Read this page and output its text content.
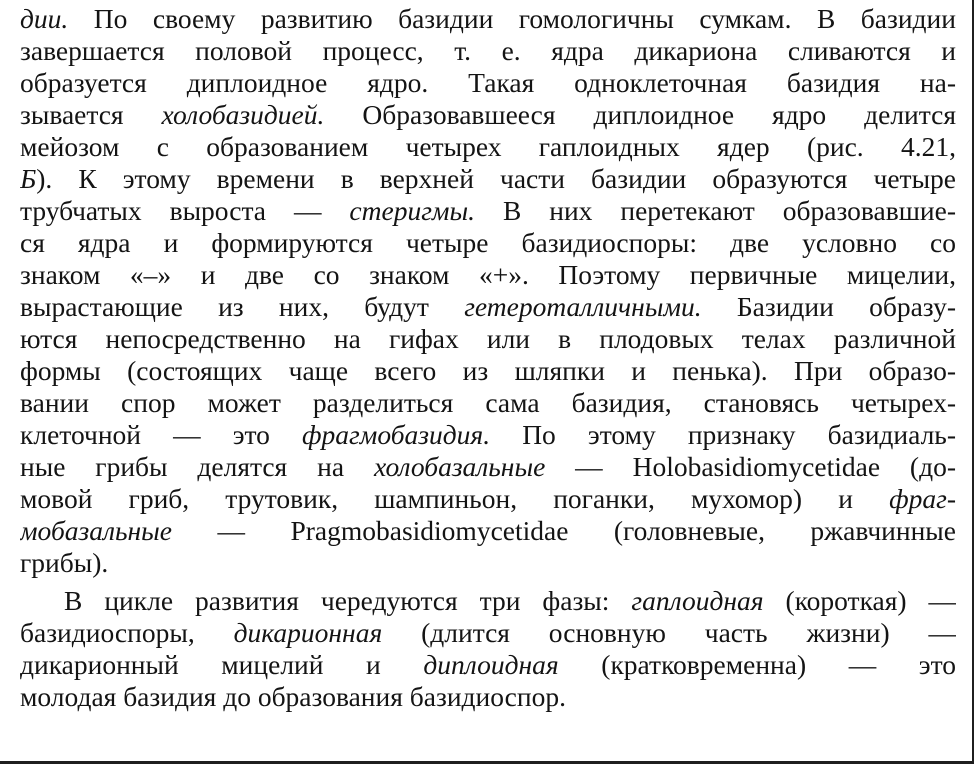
дии. По своему развитию базидии гомологичны сумкам. В базидии
завершается половой процесс, т. е. ядра дикариона сливаются и
образуется диплоидное ядро. Такая одноклеточная базидия на-
зывается холобазидией. Образовавшееся диплоидное ядро делится
мейозом с образованием четырех гаплоидных ядер (рис. 4.21,
Б). К этому времени в верхней части базидии образуются четыре
трубчатых выроста — стеригмы. В них перетекают образовавшие-
ся ядра и формируются четыре базидиоспоры: две условно со
знаком «–» и две со знаком «+». Поэтому первичные мицелии,
вырастающие из них, будут гетероталличными. Базидии образу-
ются непосредственно на гифах или в плодовых телах различной
формы (состоящих чаще всего из шляпки и пенька). При образо-
вании спор может разделиться сама базидия, становясь четырех-
клеточной — это фрагмобазидия. По этому признаку базидиаль-
ные грибы делятся на холобазальные — Holobasidiomycetidae (до-
мовой гриб, трутовик, шампиньон, поганки, мухомор) и фраг-
мобазальные — Pragmobasidiomycetidae (головневые, ржавчинные
грибы).
В цикле развития чередуются три фазы: гаплоидная (короткая) —
базидиоспоры, дикарионная (длится основную часть жизни) —
дикарионный мицелий и диплоидная (кратковременна) — это
молодая базидия до образования базидиоспор.
